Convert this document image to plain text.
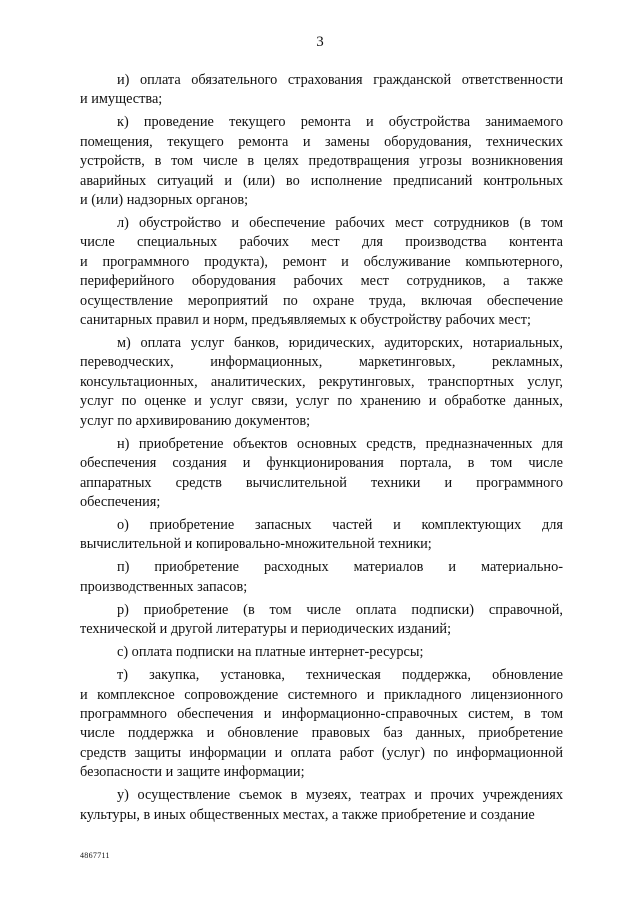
3
и) оплата обязательного страхования гражданской ответственности
и имущества;
к) проведение текущего ремонта и обустройства занимаемого
помещения, текущего ремонта и замены оборудования, технических
устройств, в том числе в целях предотвращения угрозы возникновения
аварийных ситуаций и (или) во исполнение предписаний контрольных
и (или) надзорных органов;
л) обустройство и обеспечение рабочих мест сотрудников (в том
числе специальных рабочих мест для производства контента
и программного продукта), ремонт и обслуживание компьютерного,
периферийного оборудования рабочих мест сотрудников, а также
осуществление мероприятий по охране труда, включая обеспечение
санитарных правил и норм, предъявляемых к обустройству рабочих мест;
м) оплата услуг банков, юридических, аудиторских, нотариальных,
переводческих, информационных, маркетинговых, рекламных,
консультационных, аналитических, рекрутинговых, транспортных услуг,
услуг по оценке и услуг связи, услуг по хранению и обработке данных,
услуг по архивированию документов;
н) приобретение объектов основных средств, предназначенных для
обеспечения создания и функционирования портала, в том числе
аппаратных средств вычислительной техники и программного
обеспечения;
о) приобретение запасных частей и комплектующих для
вычислительной и копировально-множительной техники;
п) приобретение расходных материалов и материально-
производственных запасов;
р) приобретение (в том числе оплата подписки) справочной,
технической и другой литературы и периодических изданий;
с) оплата подписки на платные интернет-ресурсы;
т) закупка, установка, техническая поддержка, обновление
и комплексное сопровождение системного и прикладного лицензионного
программного обеспечения и информационно-справочных систем, в том
числе поддержка и обновление правовых баз данных, приобретение
средств защиты информации и оплата работ (услуг) по информационной
безопасности и защите информации;
у) осуществление съемок в музеях, театрах и прочих учреждениях
культуры, в иных общественных местах, а также приобретение и создание
4867711
